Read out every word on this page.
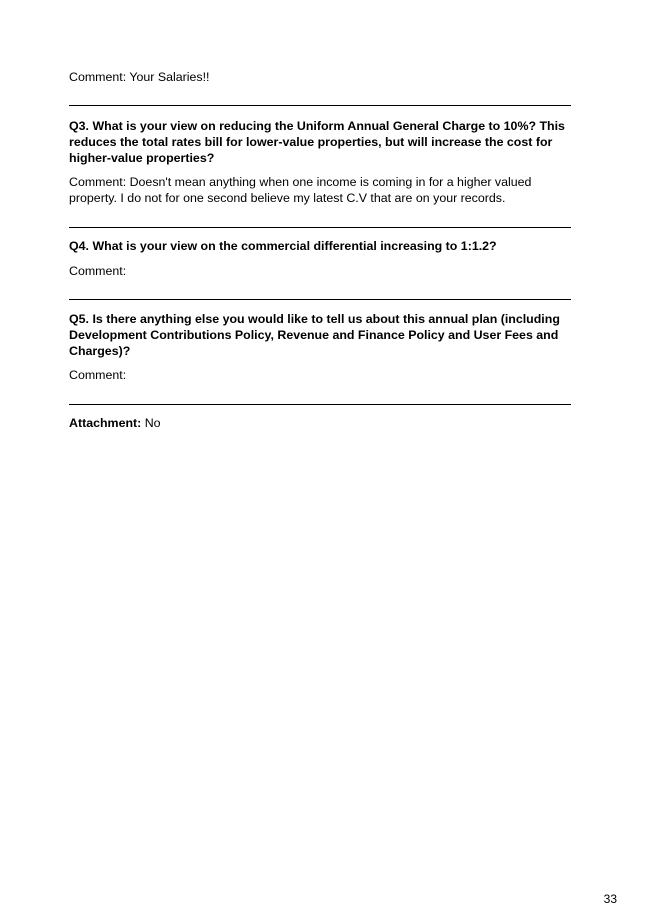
Comment: Your Salaries!!

Q3. What is your view on reducing the Uniform Annual General Charge to 10%? This reduces the total rates bill for lower-value properties, but will increase the cost for higher-value properties?

Comment: Doesn't mean anything when one income is coming in for a higher valued property. I do not for one second believe my latest C.V that are on your records.

Q4. What is your view on the commercial differential increasing to 1:1.2?

Comment:

Q5. Is there anything else you would like to tell us about this annual plan (including Development Contributions Policy, Revenue and Finance Policy and User Fees and Charges)?

Comment:

Attachment: No

33
